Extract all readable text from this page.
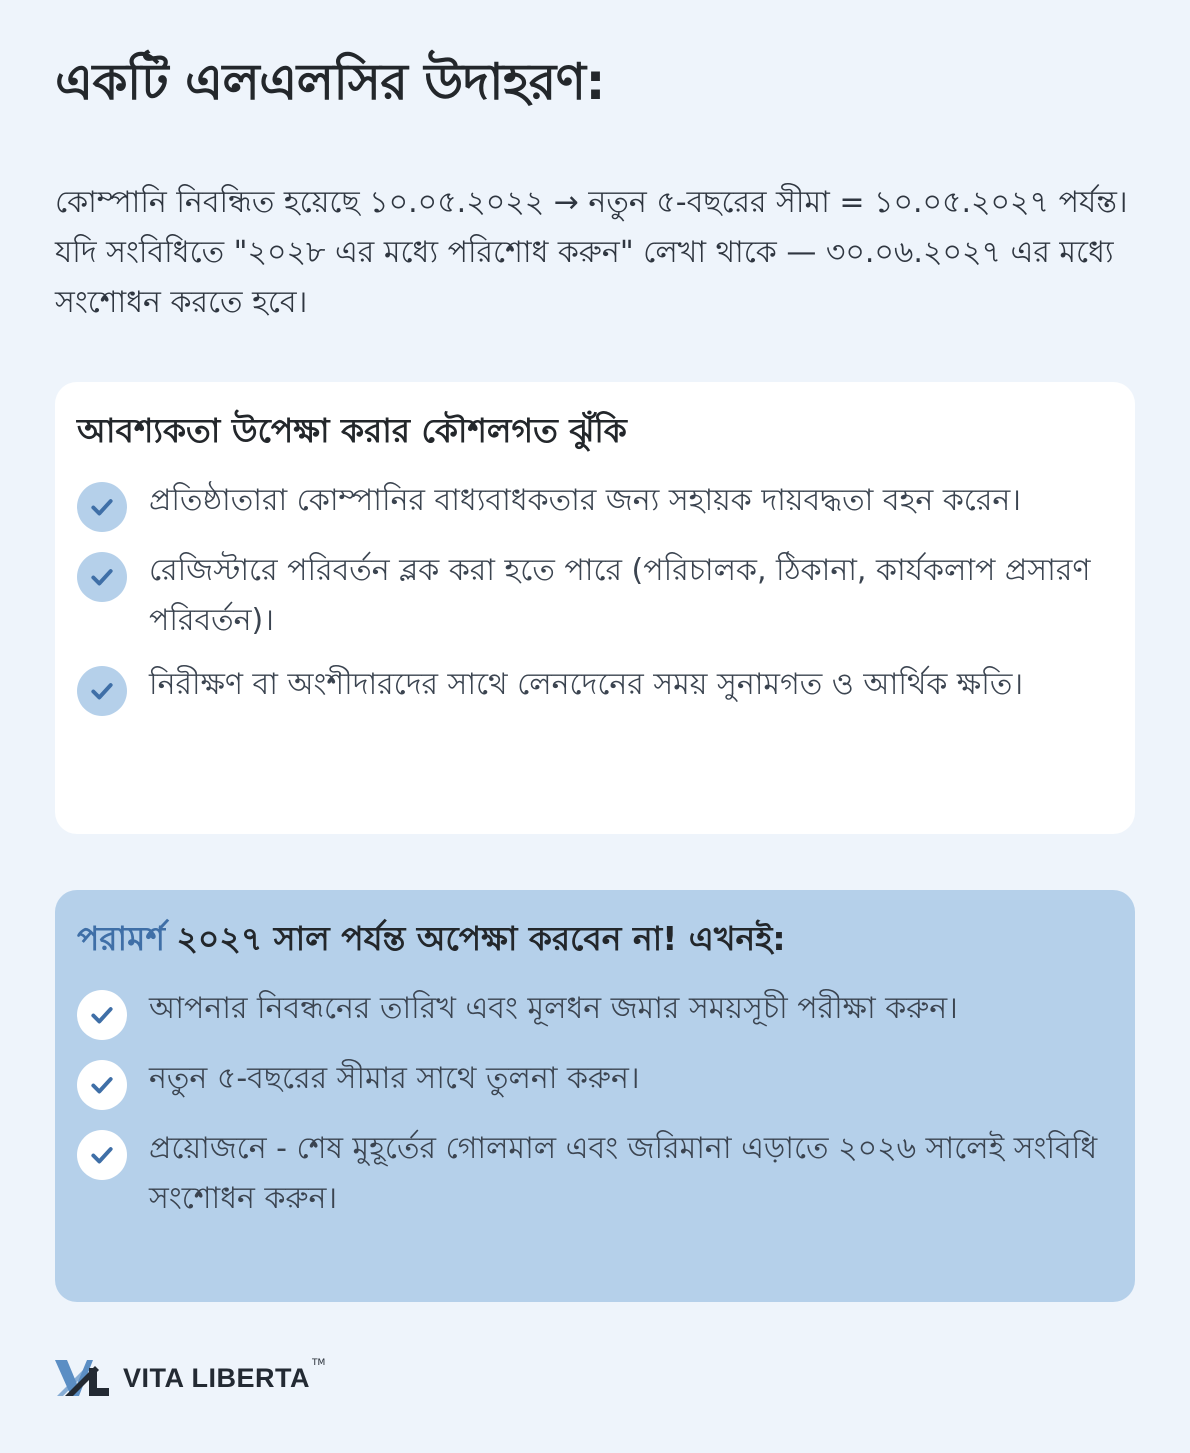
একটি এলএলসির উদাহরণ:

কোম্পানি নিবন্ধিত হয়েছে ১০.০৫.২০২২ → নতুন ৫-বছরের সীমা = ১০.০৫.২০২৭ পর্যন্ত। যদি সংবিধিতে "২০২৮ এর মধ্যে পরিশোধ করুন" লেখা থাকে — ৩০.০৬.২০২৭ এর মধ্যে সংশোধন করতে হবে।

আবশ্যকতা উপেক্ষা করার কৌশলগত ঝুঁকি
প্রতিষ্ঠাতারা কোম্পানির বাধ্যবাধকতার জন্য সহায়ক দায়বদ্ধতা বহন করেন।
রেজিস্টারে পরিবর্তন ব্লক করা হতে পারে (পরিচালক, ঠিকানা, কার্যকলাপ প্রসারণ পরিবর্তন)।
নিরীক্ষণ বা অংশীদারদের সাথে লেনদেনের সময় সুনামগত ও আর্থিক ক্ষতি।
পরামর্শ ২০২৭ সাল পর্যন্ত অপেক্ষা করবেন না! এখনই:
আপনার নিবন্ধনের তারিখ এবং মূলধন জমার সময়সূচী পরীক্ষা করুন।
নতুন ৫-বছরের সীমার সাথে তুলনা করুন।
প্রয়োজনে - শেষ মুহূর্তের গোলমাল এবং জরিমানা এড়াতে ২০২৬ সালেই সংবিধি সংশোধন করুন।
VITA LIBERTA TM
